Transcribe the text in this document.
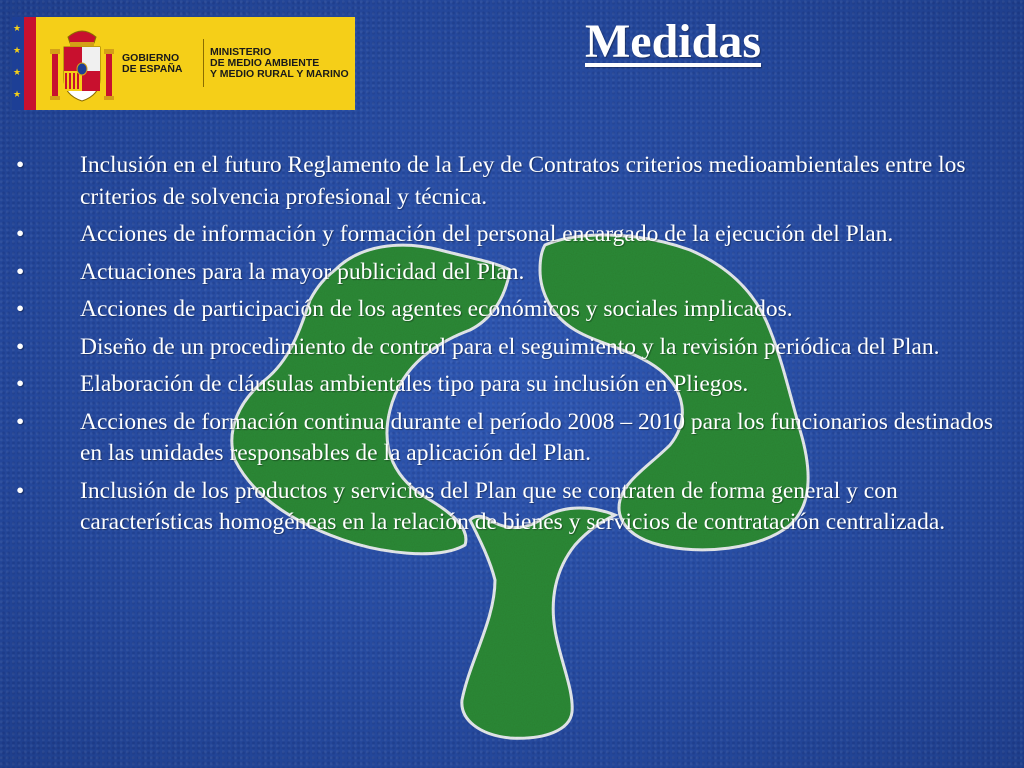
★
★
★
★
GOBIERNO
DE ESPAÑA
MINISTERIO
DE MEDIO AMBIENTE
Y MEDIO RURAL Y MARINO
Medidas
• Inclusión en el futuro Reglamento de la Ley de Contratos criterios medioambientales entre los criterios de solvencia profesional y técnica.
• Acciones de información y formación del personal encargado de la ejecución del Plan.
• Actuaciones para la mayor publicidad del Plan.
• Acciones de participación de los agentes económicos y sociales implicados.
• Diseño de un procedimiento de control para el seguimiento y la revisión periódica del Plan.
• Elaboración de cláusulas ambientales tipo para su inclusión en Pliegos.
• Acciones de formación continua durante el período 2008 – 2010 para los funcionarios destinados en las unidades responsables de la aplicación del Plan.
• Inclusión de los productos y servicios del Plan que se contraten de forma general y con características homogéneas en la relación de bienes y servicios de contratación centralizada.
